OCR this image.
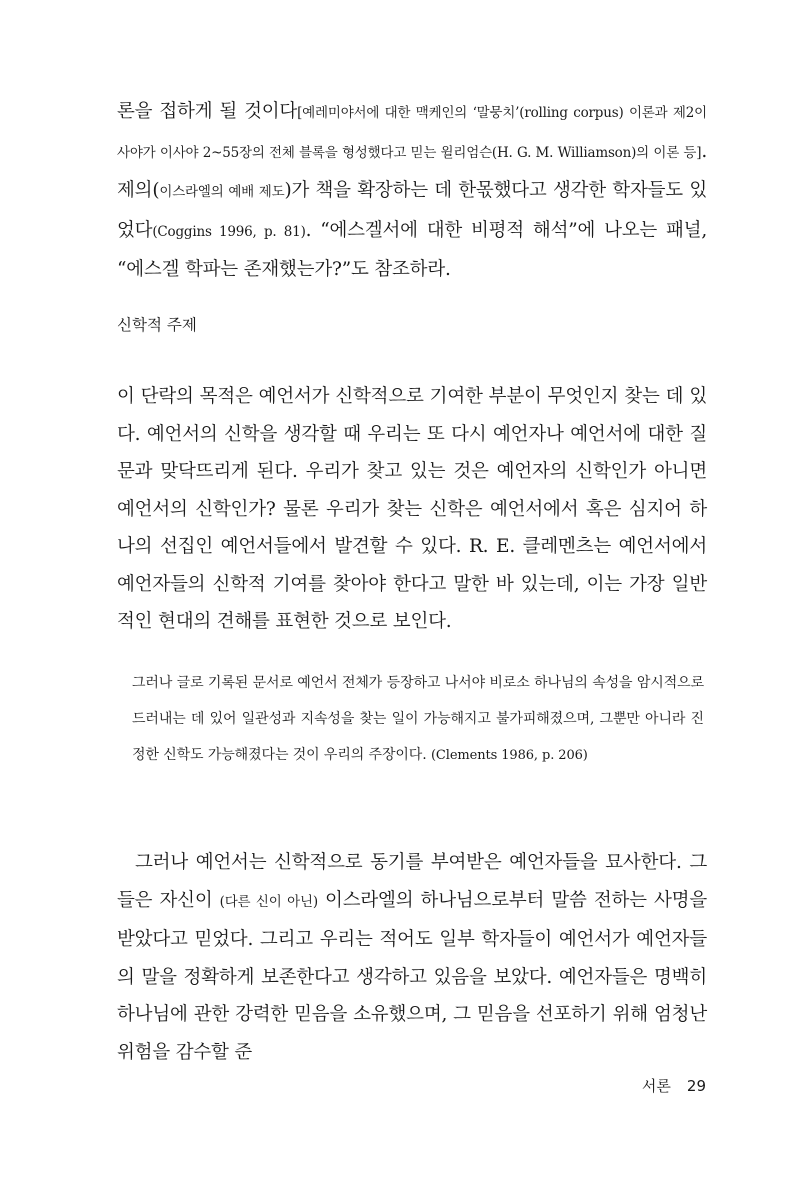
론을 접하게 될 것이다[예레미야서에 대한 맥케인의 ‘말뭉치’(rolling corpus) 이론과 제2이사야가 이사야 2~55장의 전체 블록을 형성했다고 믿는 윌리엄슨(H. G. M. Williamson)의 이론 등]. 제의(이스라엘의 예배 제도)가 책을 확장하는 데 한몫했다고 생각한 학자들도 있었다(Coggins 1996, p. 81). “에스겔서에 대한 비평적 해석”에 나오는 패널, “에스겔 학파는 존재했는가?”도 참조하라.

신학적 주제

이 단락의 목적은 예언서가 신학적으로 기여한 부분이 무엇인지 찾는 데 있다. 예언서의 신학을 생각할 때 우리는 또 다시 예언자나 예언서에 대한 질문과 맞닥뜨리게 된다. 우리가 찾고 있는 것은 예언자의 신학인가 아니면 예언서의 신학인가? 물론 우리가 찾는 신학은 예언서에서 혹은 심지어 하나의 선집인 예언서들에서 발견할 수 있다. R. E. 클레멘츠는 예언서에서 예언자들의 신학적 기여를 찾아야 한다고 말한 바 있는데, 이는 가장 일반적인 현대의 견해를 표현한 것으로 보인다.

그러나 글로 기록된 문서로 예언서 전체가 등장하고 나서야 비로소 하나님의 속성을 암시적으로 드러내는 데 있어 일관성과 지속성을 찾는 일이 가능해지고 불가피해졌으며, 그뿐만 아니라 진정한 신학도 가능해졌다는 것이 우리의 주장이다. (Clements 1986, p. 206)

그러나 예언서는 신학적으로 동기를 부여받은 예언자들을 묘사한다. 그들은 자신이 (다른 신이 아닌) 이스라엘의 하나님으로부터 말씀 전하는 사명을 받았다고 믿었다. 그리고 우리는 적어도 일부 학자들이 예언서가 예언자들의 말을 정확하게 보존한다고 생각하고 있음을 보았다. 예언자들은 명백히 하나님에 관한 강력한 믿음을 소유했으며, 그 믿음을 선포하기 위해 엄청난 위험을 감수할 준

서론 29
